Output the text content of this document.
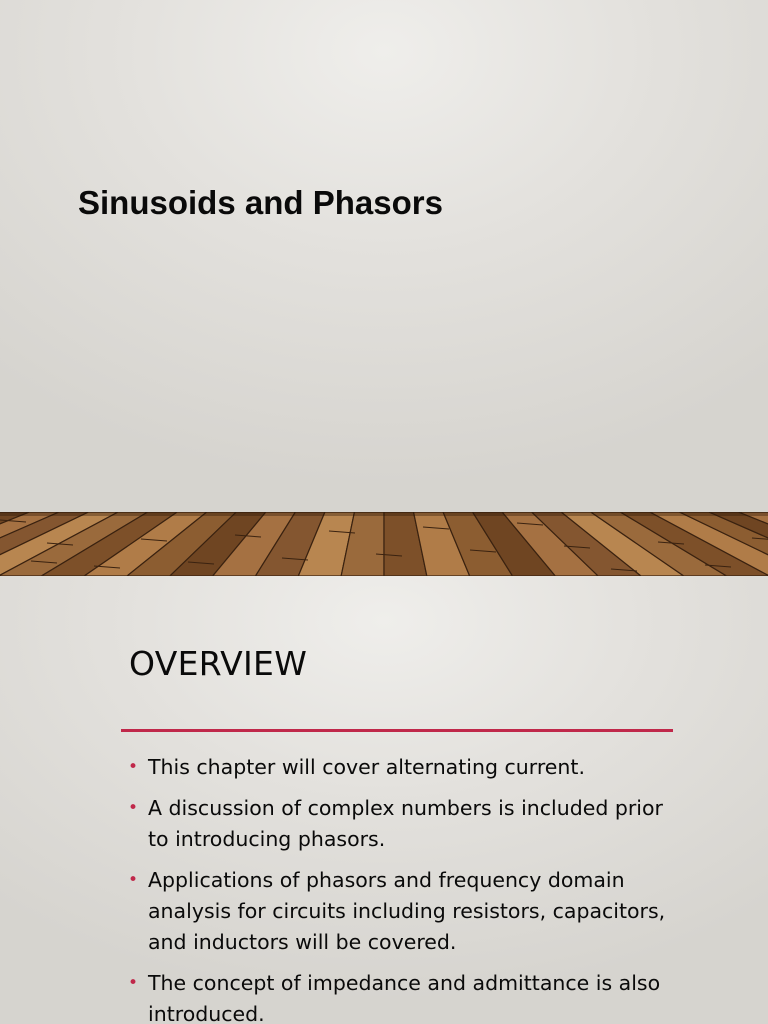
Sinusoids and Phasors
OVERVIEW
• This chapter will cover alternating current.
• A discussion of complex numbers is included prior to introducing phasors.
• Applications of phasors and frequency domain analysis for circuits including resistors, capacitors, and inductors will be covered.
• The concept of impedance and admittance is also introduced.
